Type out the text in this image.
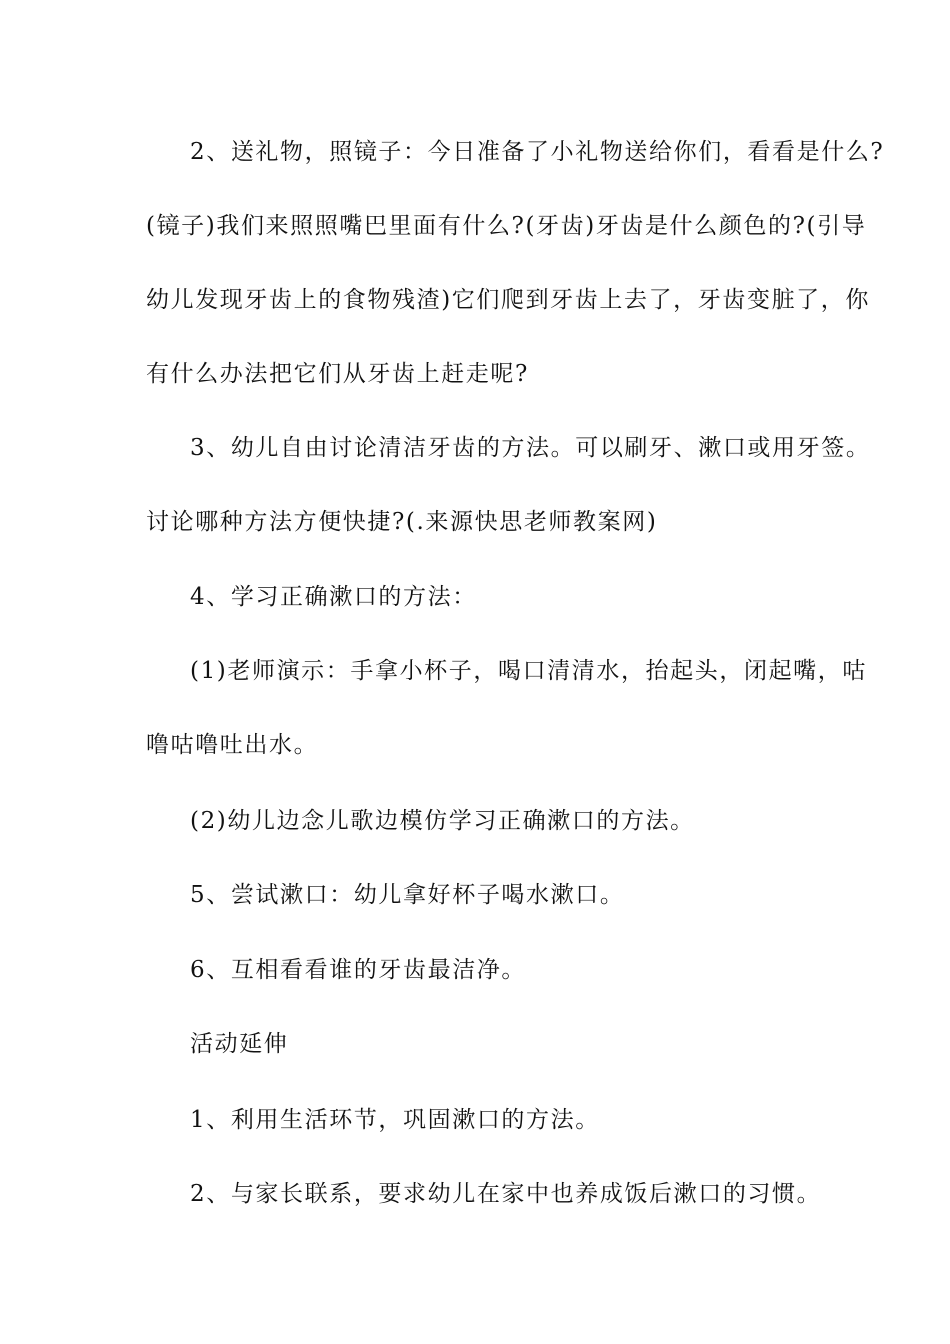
2、送礼物，照镜子：今日准备了小礼物送给你们，看看是什么?
(镜子)我们来照照嘴巴里面有什么?(牙齿)牙齿是什么颜色的?(引导
幼儿发现牙齿上的食物残渣)它们爬到牙齿上去了，牙齿变脏了，你
有什么办法把它们从牙齿上赶走呢?
3、幼儿自由讨论清洁牙齿的方法。可以刷牙、漱口或用牙签。
讨论哪种方法方便快捷?(.来源快思老师教案网)
4、学习正确漱口的方法：
(1)老师演示：手拿小杯子，喝口清清水，抬起头，闭起嘴，咕
噜咕噜吐出水。
(2)幼儿边念儿歌边模仿学习正确漱口的方法。
5、尝试漱口：幼儿拿好杯子喝水漱口。
6、互相看看谁的牙齿最洁净。
活动延伸
1、利用生活环节，巩固漱口的方法。
2、与家长联系，要求幼儿在家中也养成饭后漱口的习惯。
